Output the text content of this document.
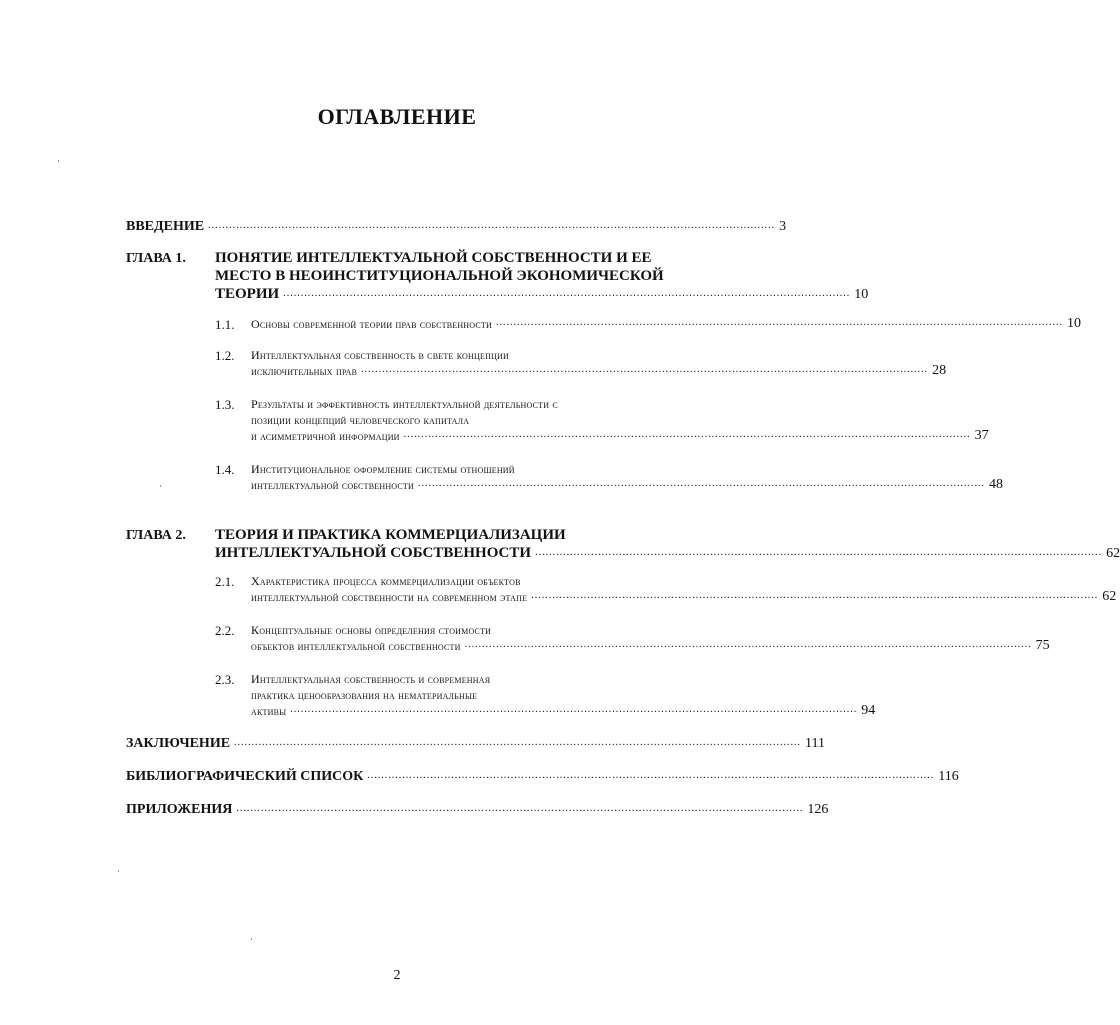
ОГЛАВЛЕНИЕ
ВВЕДЕНИЕ .................................................................................................................................................................. 3
ГЛАВА 1. ПОНЯТИЕ ИНТЕЛЛЕКТУАЛЬНОЙ СОБСТВЕННОСТИ И ЕЕ
МЕСТО В НЕОИНСТИТУЦИОНАЛЬНОЙ ЭКОНОМИЧЕСКОЙ
ТЕОРИИ .................................................................................................................................................................. 10
1.1. Основы современной теории прав собственности .................................................................................................................................................................. 10
1.2. Интеллектуальная собственность в свете концепции
исключительных прав .................................................................................................................................................................. 28
1.3. Результаты и эффективность интеллектуальной деятельности с
позиции концепций человеческого капитала
и асимметричной информации .................................................................................................................................................................. 37
1.4. Институциональное оформление системы отношений
интеллектуальной собственности .................................................................................................................................................................. 48
ГЛАВА 2. ТЕОРИЯ И ПРАКТИКА КОММЕРЦИАЛИЗАЦИИ
ИНТЕЛЛЕКТУАЛЬНОЙ СОБСТВЕННОСТИ .................................................................................................................................................................. 62
2.1. Характеристика процесса коммерциализации объектов
интеллектуальной собственности на современном этапе .................................................................................................................................................................. 62
2.2. Концептуальные основы определения стоимости
объектов интеллектуальной собственности .................................................................................................................................................................. 75
2.3. Интеллектуальная собственность и современная
практика ценообразования на нематериальные
активы .................................................................................................................................................................. 94
ЗАКЛЮЧЕНИЕ .................................................................................................................................................................. 111
БИБЛИОГРАФИЧЕСКИЙ СПИСОК .................................................................................................................................................................. 116
ПРИЛОЖЕНИЯ .................................................................................................................................................................. 126
2
